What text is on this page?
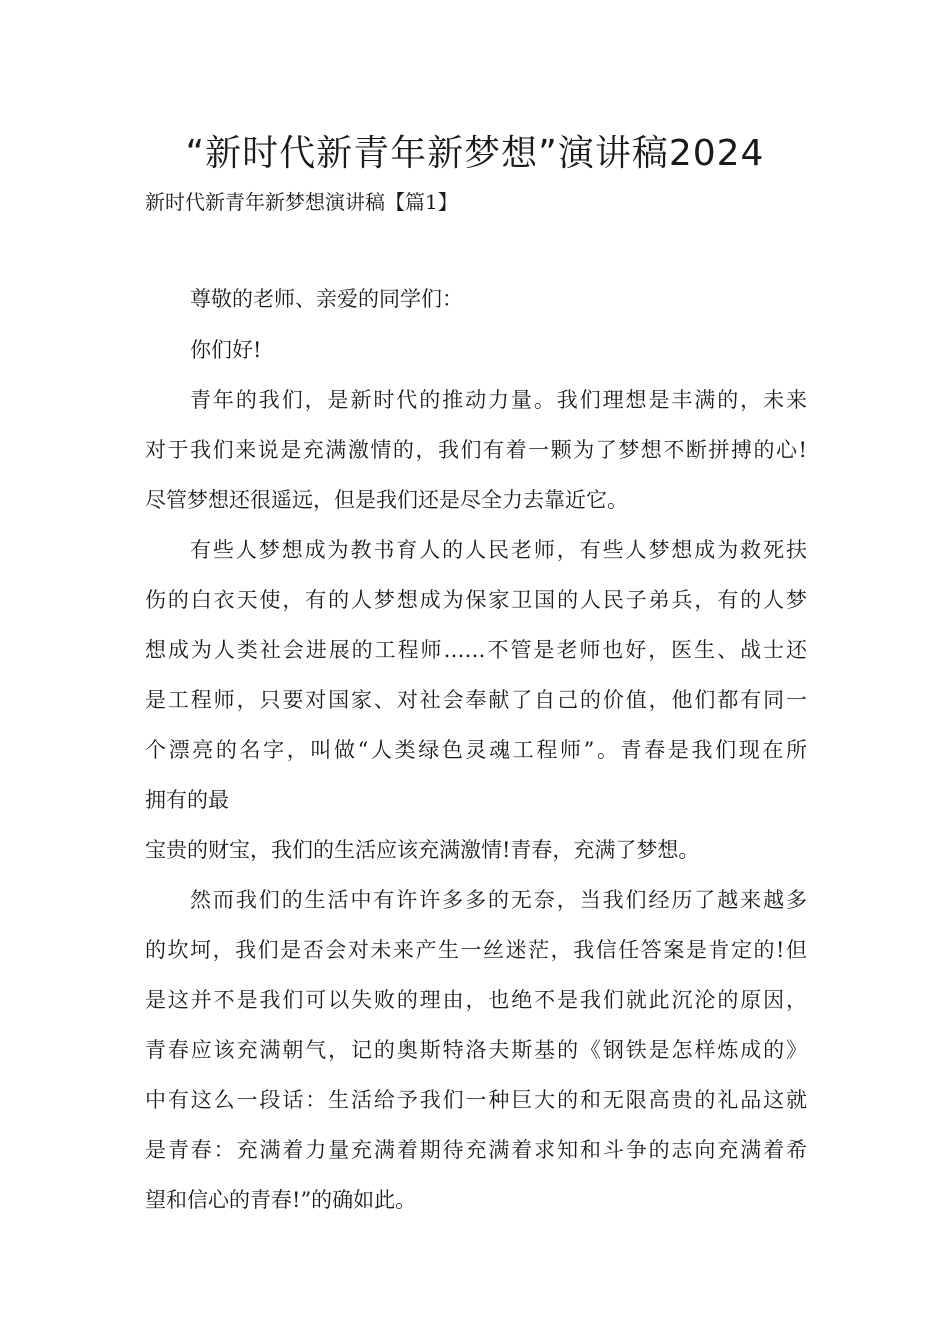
“新时代新青年新梦想”演讲稿2024

新时代新青年新梦想演讲稿【篇1】

尊敬的老师、亲爱的同学们：

你们好!

青年的我们，是新时代的推动力量。我们理想是丰满的，未来

对于我们来说是充满激情的，我们有着一颗为了梦想不断拼搏的心!

尽管梦想还很遥远，但是我们还是尽全力去靠近它。

有些人梦想成为教书育人的人民老师，有些人梦想成为救死扶

伤的白衣天使，有的人梦想成为保家卫国的人民子弟兵，有的人梦

想成为人类社会进展的工程师……不管是老师也好，医生、战士还

是工程师，只要对国家、对社会奉献了自己的价值，他们都有同一

个漂亮的名字，叫做“人类绿色灵魂工程师”。青春是我们现在所

拥有的最

宝贵的财宝，我们的生活应该充满激情!青春，充满了梦想。

然而我们的生活中有许许多多的无奈，当我们经历了越来越多

的坎坷，我们是否会对未来产生一丝迷茫，我信任答案是肯定的!但

是这并不是我们可以失败的理由，也绝不是我们就此沉沦的原因，

青春应该充满朝气，记的奥斯特洛夫斯基的《钢铁是怎样炼成的》

中有这么一段话：生活给予我们一种巨大的和无限高贵的礼品这就

是青春：充满着力量充满着期待充满着求知和斗争的志向充满着希

望和信心的青春!”的确如此。
